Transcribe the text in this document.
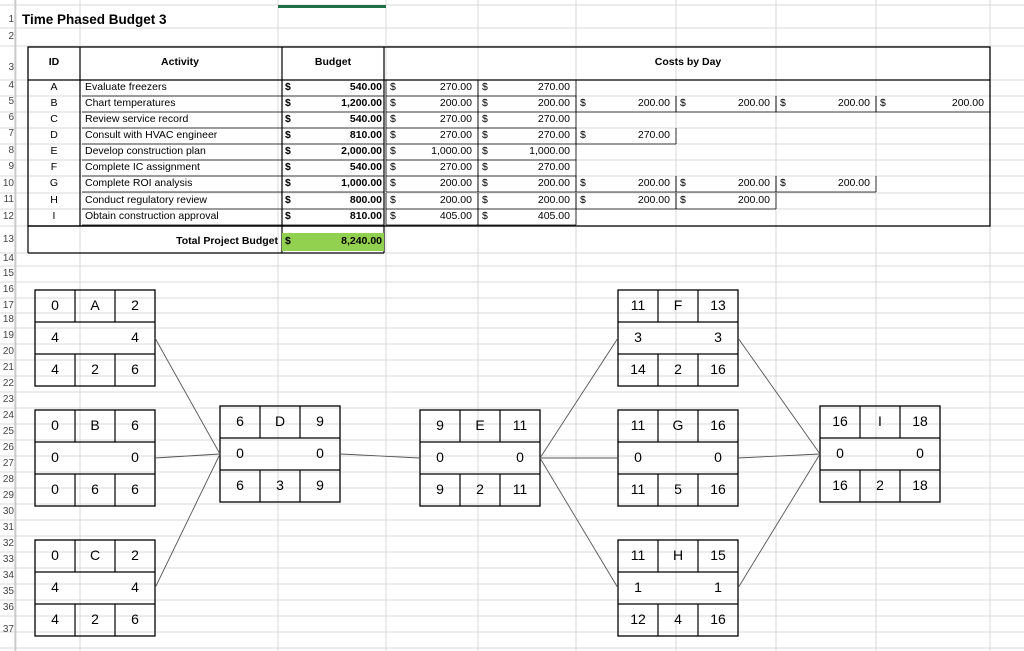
1
2
3
4
5
6
7
8
9
10
11
12
13
14
15
16
17
18
19
20
21
22
23
24
25
26
27
28
29
30
31
32
33
34
35
36
37
Time Phased Budget 3
ID	Activity	Budget	Costs by Day
A	Evaluate freezers	$	540.00 $	270.00 $	270.00
B	Chart temperatures	$	1,200.00 $	200.00 $	200.00 $	200.00 $	200.00 $	200.00 $	200.00
C	Review service record	$	540.00 $	270.00 $	270.00
D	Consult with HVAC engineer	$	810.00 $	270.00 $	270.00 $	270.00
E	Develop construction plan	$	2,000.00 $	1,000.00 $	1,000.00
F	Complete IC assignment	$	540.00 $	270.00 $	270.00
G	Complete ROI analysis	$	1,000.00 $	200.00 $	200.00 $	200.00 $	200.00 $	200.00
H	Conduct regulatory review	$	800.00 $	200.00 $	200.00 $	200.00 $	200.00
I	Obtain construction approval	$	810.00 $	405.00 $	405.00
Total Project Budget $	8,240.00
0	A	2
4	4
4	2	6
0	B	6
0	0
0	6	6
0	C	2
4	4
4	2	6
6	D	9
0	0
6	3	9
9	E	11
0	0
9	2	11
11	F	13
3	3
14	2	16
11	G	16
0	0
11	5	16
11	H	15
1	1
12	4	16
16	I	18
0	0
16	2	18
